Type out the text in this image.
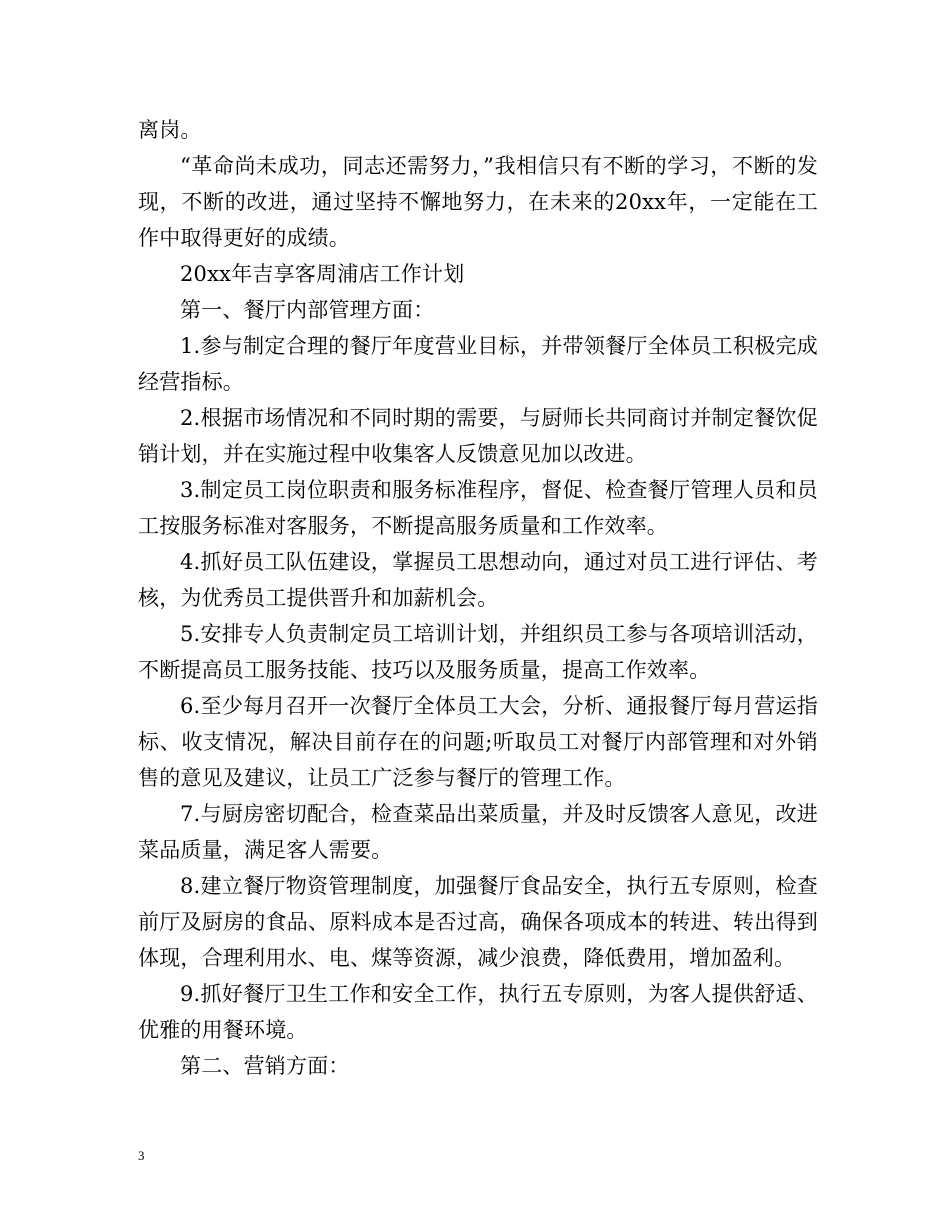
离岗。

“革命尚未成功，同志还需努力，”我相信只有不断的学习，不断的发现，不断的改进，通过坚持不懈地努力，在未来的20xx年，一定能在工作中取得更好的成绩。

20xx年吉享客周浦店工作计划

第一、餐厅内部管理方面：

1.参与制定合理的餐厅年度营业目标，并带领餐厅全体员工积极完成经营指标。

2.根据市场情况和不同时期的需要，与厨师长共同商讨并制定餐饮促销计划，并在实施过程中收集客人反馈意见加以改进。

3.制定员工岗位职责和服务标准程序，督促、检查餐厅管理人员和员工按服务标准对客服务，不断提高服务质量和工作效率。

4.抓好员工队伍建设，掌握员工思想动向，通过对员工进行评估、考核，为优秀员工提供晋升和加薪机会。

5.安排专人负责制定员工培训计划，并组织员工参与各项培训活动，不断提高员工服务技能、技巧以及服务质量，提高工作效率。

6.至少每月召开一次餐厅全体员工大会，分析、通报餐厅每月营运指标、收支情况，解决目前存在的问题;听取员工对餐厅内部管理和对外销售的意见及建议，让员工广泛参与餐厅的管理工作。

7.与厨房密切配合，检查菜品出菜质量，并及时反馈客人意见，改进菜品质量，满足客人需要。

8.建立餐厅物资管理制度，加强餐厅食品安全，执行五专原则，检查前厅及厨房的食品、原料成本是否过高，确保各项成本的转进、转出得到体现，合理利用水、电、煤等资源，减少浪费，降低费用，增加盈利。

9.抓好餐厅卫生工作和安全工作，执行五专原则，为客人提供舒适、优雅的用餐环境。

第二、营销方面：

3
